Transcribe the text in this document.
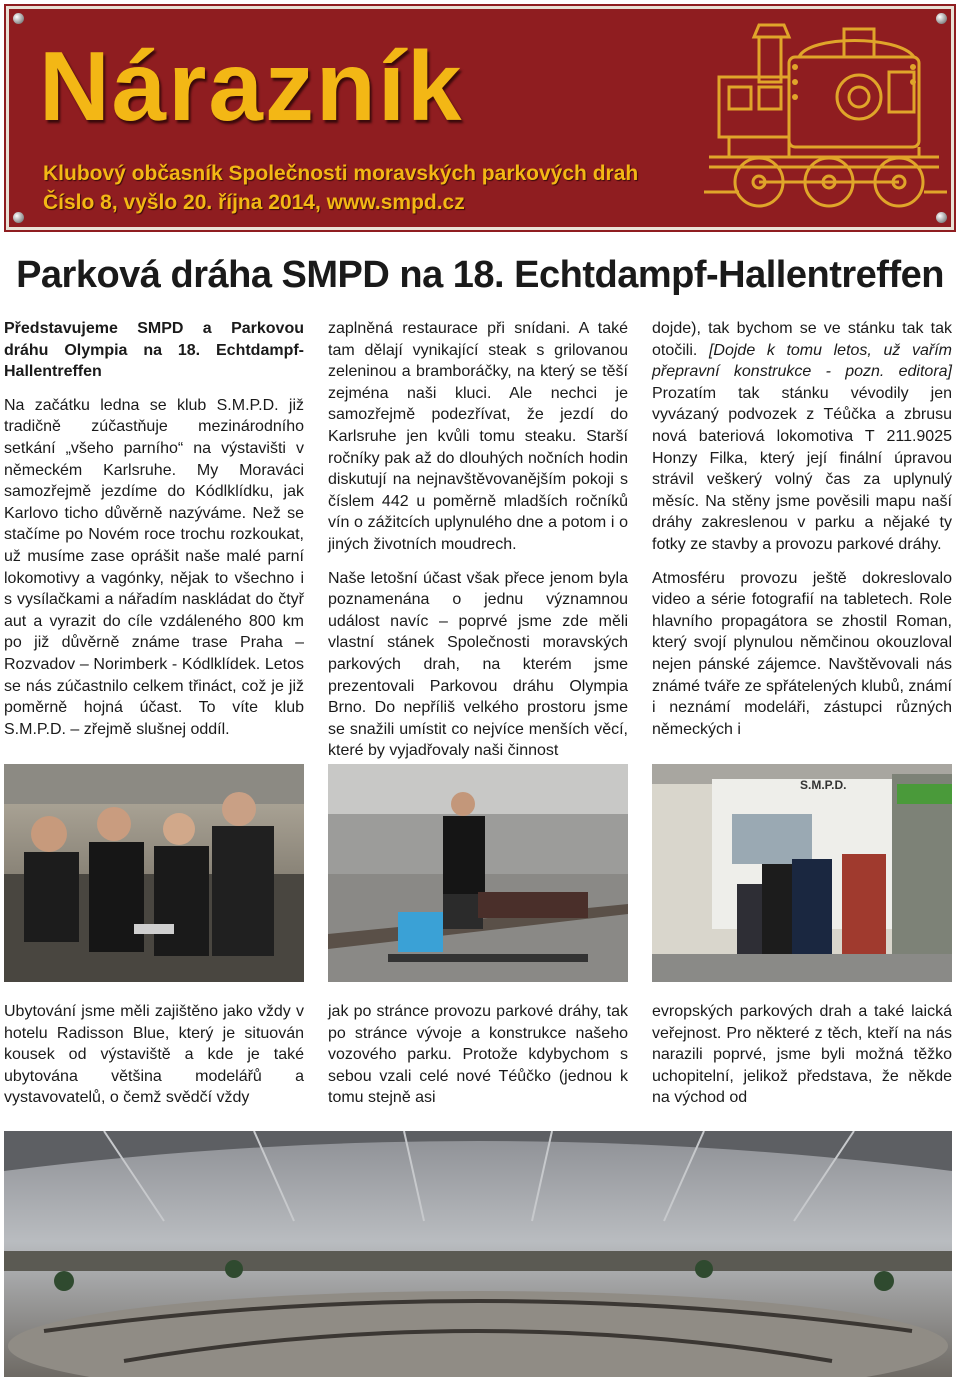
Nárazník
Klubový občasník Společnosti moravských parkových drah
Číslo 8, vyšlo 20. října 2014, www.smpd.cz
Parková dráha SMPD na 18. Echtdampf-Hallentreffen

Představujeme SMPD a Parkovou dráhu Olympia na 18. Echtdampf-Hallentreffen

Na začátku ledna se klub S.M.P.D. již tradičně zúčastňuje mezinárodního setkání „všeho parního“ na výstavišti v německém Karlsruhe. My Moraváci samozřejmě jezdíme do Kódlklídku, jak Karlovo ticho důvěrně nazýváme. Než se stačíme po Novém roce trochu rozkoukat, už musíme zase oprášit naše malé parní lokomotivy a vagónky, nějak to všechno i s vysílačkami a nářadím naskládat do čtyř aut a vyrazit do cíle vzdáleného 800 km po již důvěrně známe trase Praha – Rozvadov – Norimberk - Kódlklídek. Letos se nás zúčastnilo celkem třináct, což je již poměrně hojná účast. To víte klub S.M.P.D. – zřejmě slušnej oddíl.

zaplněná restaurace při snídani. A také tam dělají vynikající steak s grilovanou zeleninou a bramboráčky, na který se těší zejména naši kluci. Ale nechci je samozřejmě podezřívat, že jezdí do Karlsruhe jen kvůli tomu steaku. Starší ročníky pak až do dlouhých nočních hodin diskutují na nejnavštěvovanějším pokoji s číslem 442 u poměrně mladších ročníků vín o zážitcích uplynulého dne a potom i o jiných životních moudrech.

Naše letošní účast však přece jenom byla poznamenána o jednu významnou událost navíc – poprvé jsme zde měli vlastní stánek Společnosti moravských parkových drah, na kterém jsme prezentovali Parkovou dráhu Olympia Brno. Do nepříliš velkého prostoru jsme se snažili umístit co nejvíce menších věcí, které by vyjadřovaly naši činnost

dojde), tak bychom se ve stánku tak tak otočili. [Dojde k tomu letos, už vařím přepravní konstrukce - pozn. editora] Prozatím tak stánku vévodily jen vyvázaný podvozek z Téůčka a zbrusu nová bateriová lokomotiva T 211.9025 Honzy Filka, který její finální úpravou strávil veškerý volný čas za uplynulý měsíc. Na stěny jsme pověsili mapu naší dráhy zakreslenou v parku a nějaké ty fotky ze stavby a provozu parkové dráhy.

Atmosféru provozu ještě dokreslovalo video a série fotografií na tabletech. Role hlavního propagátora se zhostil Roman, který svojí plynulou němčinou okouzloval nejen pánské zájemce. Navštěvovali nás známé tváře ze spřátelených klubů, známí i neznámí modeláři, zástupci různých německých i

S.M.P.D.

Ubytování jsme měli zajištěno jako vždy v hotelu Radisson Blue, který je situován kousek od výstaviště a kde je také ubytována většina modelářů a vystavovatelů, o čemž svědčí vždy

jak po stránce provozu parkové dráhy, tak po stránce vývoje a konstrukce našeho vozového parku. Protože kdybychom s sebou vzali celé nové Téůčko (jednou k tomu stejně asi

evropských parkových drah a také laická veřejnost. Pro některé z těch, kteří na nás narazili poprvé, jsme byli možná těžko uchopitelní, jelikož představa, že někde na východ od
